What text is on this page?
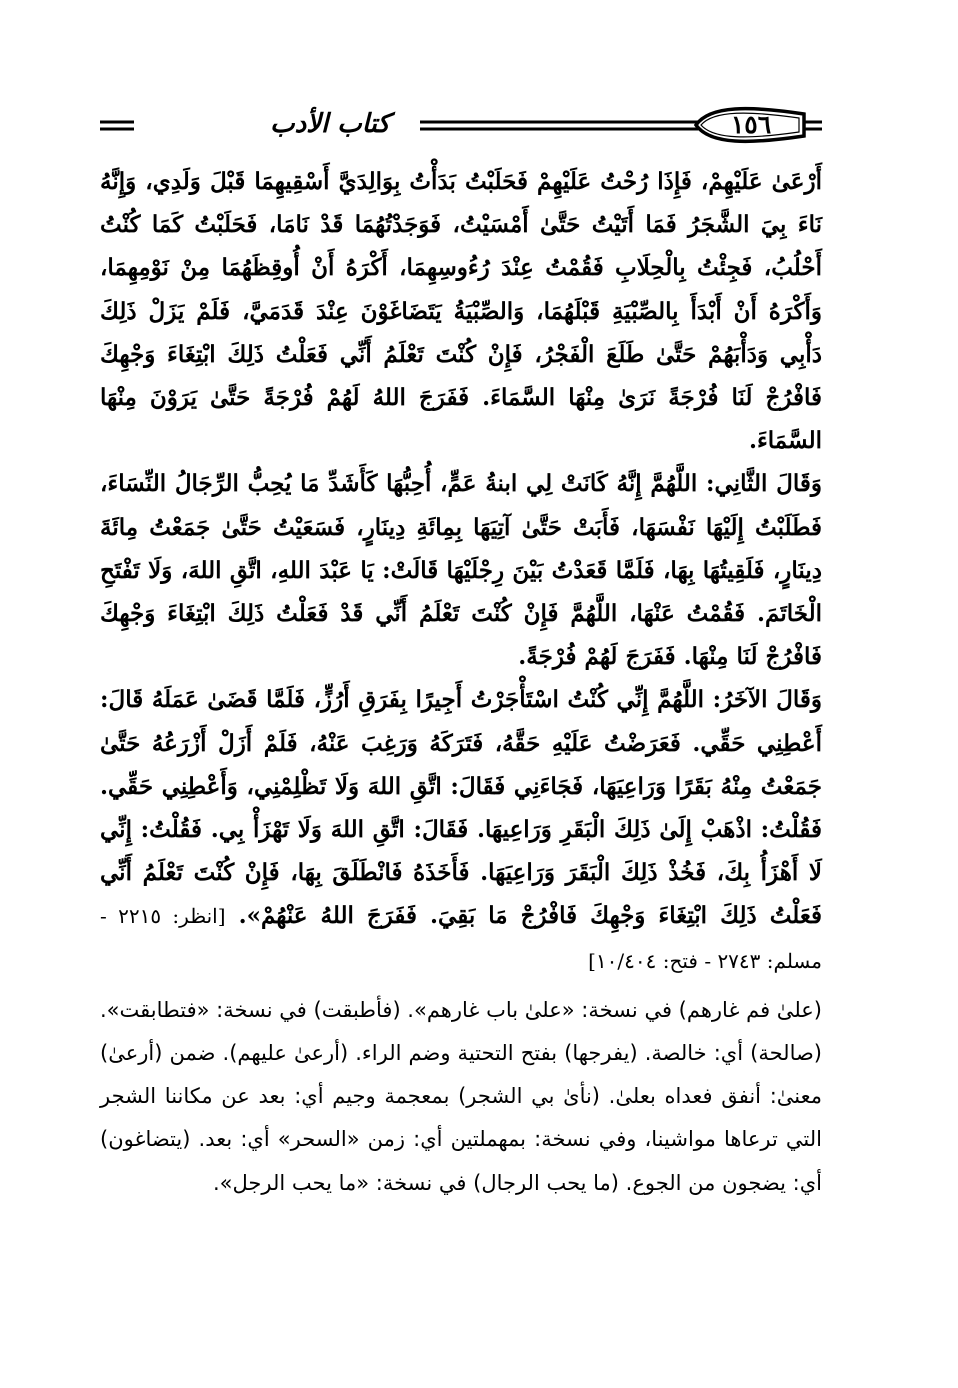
كتاب الأدب	١٥٦

أَرْعَىٰ عَلَيْهِمْ، فَإِذَا رُحْتُ عَلَيْهِمْ فَحَلَبْتُ بَدَأْتُ بِوَالِدَيَّ أَسْقِيهِمَا قَبْلَ وَلَدِي، وَإِنَّهُ نَاءَ بِيَ الشَّجَرُ فَمَا أَتَيْتُ حَتَّىٰ أَمْسَيْتُ، فَوَجَدْتُهُمَا قَدْ نَامَا، فَحَلَبْتُ كَمَا كُنْتُ أَحْلُبُ، فَجِئْتُ بِالْحِلَابِ فَقُمْتُ عِنْدَ رُءُوسِهِمَا، أَكْرَهُ أَنْ أُوقِظَهُمَا مِنْ نَوْمِهِمَا، وَأَكْرَهُ أَنْ أَبْدَأَ بِالصِّبْيَةِ قَبْلَهُمَا، وَالصِّبْيَةُ يَتَضَاغَوْنَ عِنْدَ قَدَمَيَّ، فَلَمْ يَزَلْ ذَلِكَ دَأْبِي وَدَأْبَهُمْ حَتَّىٰ طَلَعَ الْفَجْرُ، فَإِنْ كُنْتَ تَعْلَمُ أَنِّي فَعَلْتُ ذَلِكَ ابْتِغَاءَ وَجْهِكَ فَافْرُجْ لَنَا فُرْجَةً نَرَىٰ مِنْهَا السَّمَاءَ. فَفَرَجَ اللهُ لَهُمْ فُرْجَةً حَتَّىٰ يَرَوْنَ مِنْهَا السَّمَاءَ.

وَقَالَ الثَّانِي: اللَّهُمَّ إِنَّهُ كَانَتْ لِي ابنةُ عَمٍّ، أُحِبُّهَا كَأَشَدِّ مَا يُحِبُّ الرِّجَالُ النِّسَاءَ، فَطَلَبْتُ إِلَيْهَا نَفْسَهَا، فَأَبَتْ حَتَّىٰ آتِيَهَا بِمِائَةِ دِينَارٍ، فَسَعَيْتُ حَتَّىٰ جَمَعْتُ مِائَةَ دِينَارٍ، فَلَقِيتُهَا بِهَا، فَلَمَّا قَعَدْتُ بَيْنَ رِجْلَيْهَا قَالَتْ: يَا عَبْدَ اللهِ، اتَّقِ اللهَ، وَلَا تَفْتَحِ الْخَاتَمَ. فَقُمْتُ عَنْهَا، اللَّهُمَّ فَإِنْ كُنْتَ تَعْلَمُ أَنِّي قَدْ فَعَلْتُ ذَلِكَ ابْتِغَاءَ وَجْهِكَ فَافْرُجْ لَنَا مِنْهَا. فَفَرَجَ لَهُمْ فُرْجَةً.

وَقَالَ الآخَرُ: اللَّهُمَّ إِنِّي كُنْتُ اسْتَأْجَرْتُ أَجِيرًا بِفَرَقِ أَرُزٍّ، فَلَمَّا قَضَىٰ عَمَلَهُ قَالَ: أَعْطِنِي حَقِّي. فَعَرَضْتُ عَلَيْهِ حَقَّهُ، فَتَرَكَهُ وَرَغِبَ عَنْهُ، فَلَمْ أَزَلْ أَزْرَعُهُ حَتَّىٰ جَمَعْتُ مِنْهُ بَقَرًا وَرَاعِيَهَا، فَجَاءَنِي فَقَالَ: اتَّقِ اللهَ وَلَا تَظْلِمْنِي، وَأَعْطِنِي حَقِّي. فَقُلْتُ: اذْهَبْ إِلَىٰ ذَلِكَ الْبَقَرِ وَرَاعِيهَا. فَقَالَ: اتَّقِ اللهَ وَلَا تَهْزَأْ بِي. فَقُلْتُ: إِنِّي لَا أَهْزَأُ بِكَ، فَخُذْ ذَلِكَ الْبَقَرَ وَرَاعِيَهَا. فَأَخَذَهُ فَانْطَلَقَ بِهَا، فَإِنْ كُنْتَ تَعْلَمُ أَنِّي فَعَلْتُ ذَلِكَ ابْتِغَاءَ وَجْهِكَ فَافْرُجْ مَا بَقِيَ. فَفَرَجَ اللهُ عَنْهُمْ». [انظر: ٢٢١٥ - مسلم: ٢٧٤٣ - فتح: ١٠/٤٠٤]

(علىٰ فم غارهم) في نسخة: «علىٰ باب غارهم». (فأطبقت) في نسخة: «فتطابقت». (صالحة) أي: خالصة. (يفرجها) بفتح التحتية وضم الراء. (أرعىٰ عليهم). ضمن (أرعىٰ) معنىٰ: أنفق فعداه بعلىٰ. (نأىٰ بي الشجر) بمعجمة وجيم أي: بعد عن مكاننا الشجر التي ترعاها مواشينا، وفي نسخة: بمهملتين أي: زمن «السحر» أي: بعد. (يتضاغون) أي: يضجون من الجوع. (ما يحب الرجال) في نسخة: «ما يحب الرجل».
